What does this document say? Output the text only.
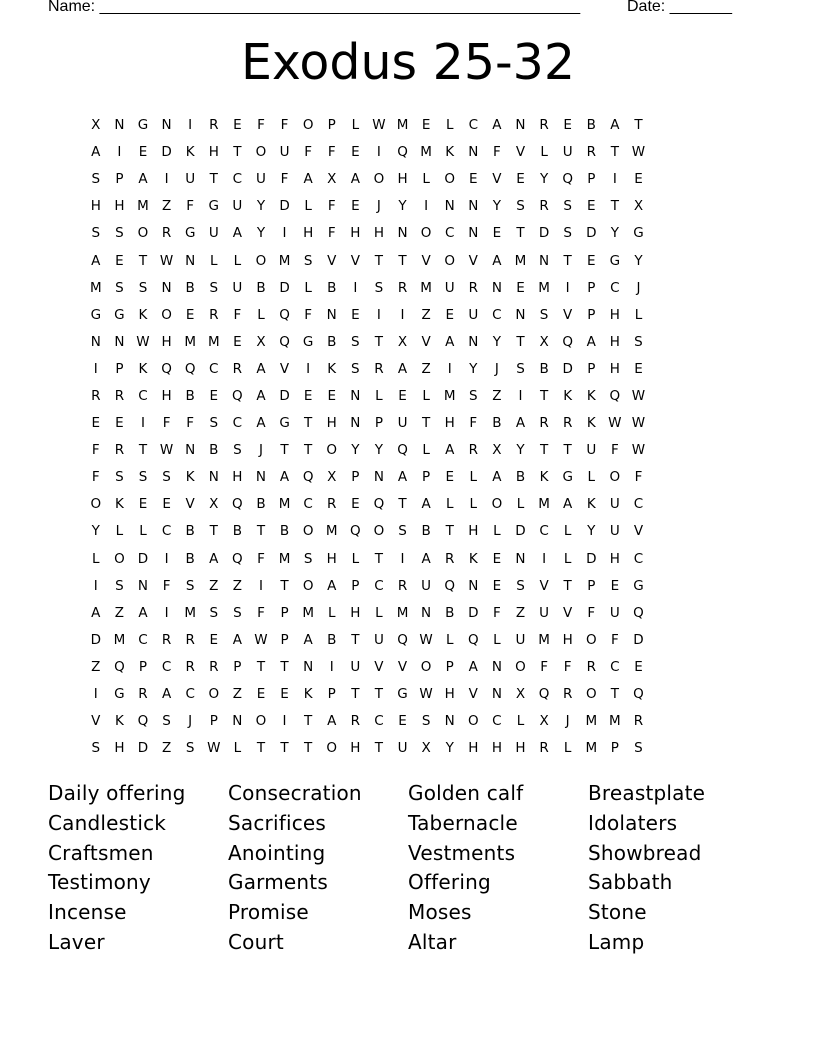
Name: ______________________________________________________	Date: _______
Exodus 25-32
X	N G N	I	R	E	F	F	O	P	L W M	E	L	C	A	N	R	E	B	A	T
A	I	E	D	K	H	T	O U	F	F	E	I	Q M K	N	F	V	L	U	R	T W
S	P	A	I	U	T	C	U	F	A	X	A	O H	L	O	E	V	E	Y	Q	P	I	E
H H M Z	F	G U	Y	D	L	F	E	J	Y	I	N N	Y	S	R	S	E	T	X
S	S	O	R	G U	A	Y	I	H	F	H H N O	C	N	E	T	D	S	D	Y	G
A	E	T W N	L	L	O M S	V	V	T	T	V	O	V	A M N	T	E	G	Y
M S	S	N	B	S	U	B	D	L	B	I	S	R M U	R	N	E	M	I	P	C	J
G G	K	O	E	R	F	L	Q	F	N	E	I	I	Z	E	U	C	N	S	V	P	H	L
N N W H M M	E	X	Q G	B	S	T	X	V	A	N	Y	T	X	Q	A	H	S
I	P	K	Q Q	C	R	A	V	I	K	S	R	A	Z	I	Y	J	S	B	D	P	H	E
R	R	C	H	B	E	Q	A	D	E	E	N	L	E	L	M S	Z	I	T	K	K	Q W
E	E	I	F	F	S	C	A	G	T	H N	P	U	T	H	F	B	A	R	R	K W W
F	R	T W N	B	S	J	T	T	O	Y	Y	Q	L	A	R	X	Y	T	T	U	F W
F	S	S	S	K	N H N	A	Q	X	P	N	A	P	E	L	A	B	K	G	L	O	F
O	K	E	E	V	X	Q	B M C	R	E	Q	T	A	L	L	O	L	M A	K	U	C
Y	L	L	C	B	T	B	T	B	O M Q O	S	B	T	H	L	D	C	L	Y	U	V
L	O D	I	B	A	Q	F	M S	H	L	T	I	A	R	K	E	N	I	L	D H	C
I	S	N	F	S	Z	Z	I	T	O	A	P	C	R	U Q N	E	S	V	T	P	E	G
A	Z	A	I	M S	S	F	P	M	L	H	L	M N	B	D	F	Z	U	V	F	U Q
D M C	R	R	E	A W P	A	B	T	U Q W L	Q	L	U M H O	F	D
Z	Q	P	C	R	R	P	T	T	N	I	U	V	V	O	P	A	N O	F	F	R	C	E
I	G	R	A	C	O	Z	E	E	K	P	T	T	G W H	V	N	X	Q	R	O	T	Q
V	K	Q	S	J	P	N O	I	T	A	R	C	E	S	N O	C	L	X	J	M M R
S	H D	Z	S W L	T	T	T	O H	T	U	X	Y	H H H	R	L	M	P	S
Daily offering	Consecration	Golden calf	Breastplate
Candlestick	Sacrifices	Tabernacle	Idolaters
Craftsmen	Anointing	Vestments	Showbread
Testimony	Garments	Offering	Sabbath
Incense	Promise	Moses	Stone
Laver	Court	Altar	Lamp
